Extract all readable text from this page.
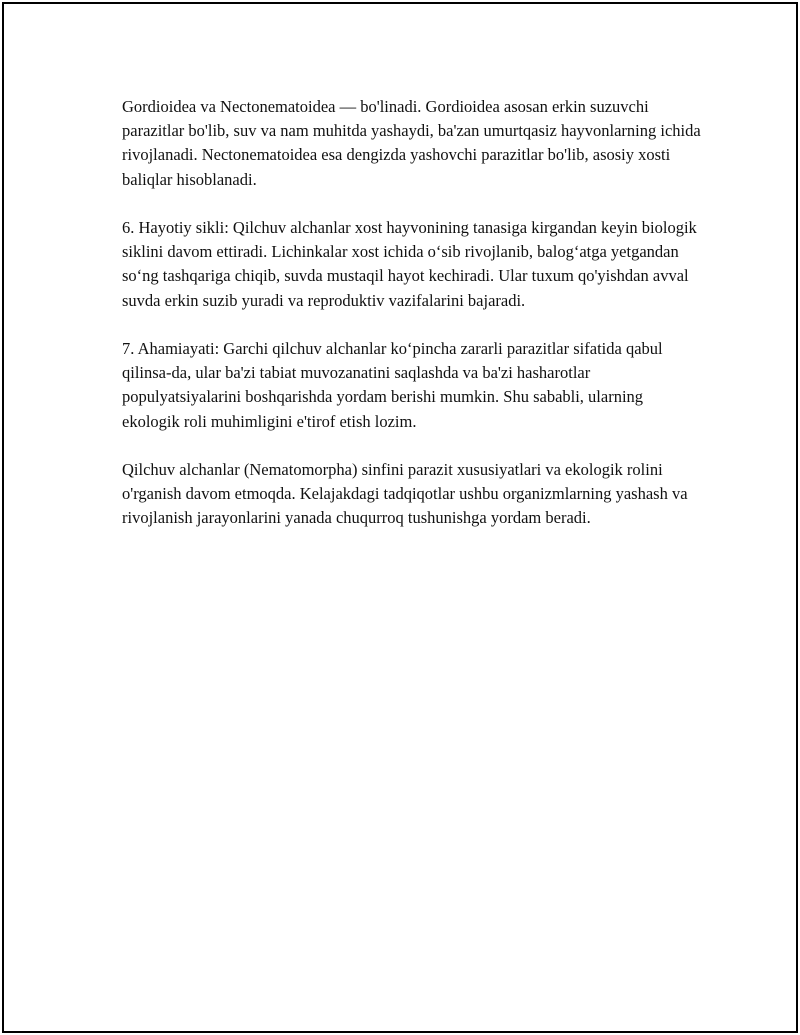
Gordioidea va Nectonematoidea — bo'linadi. Gordioidea asosan erkin suzuvchi parazitlar bo'lib, suv va nam muhitda yashaydi, ba'zan umurtqasiz hayvonlarning ichida rivojlanadi. Nectonematoidea esa dengizda yashovchi parazitlar bo'lib, asosiy xosti baliqlar hisoblanadi.

6. Hayotiy sikli: Qilchuv alchanlar xost hayvonining tanasiga kirgandan keyin biologik siklini davom ettiradi. Lichinkalar xost ichida oʻsib rivojlanib, balogʻatga yetgandan soʻng tashqariga chiqib, suvda mustaqil hayot kechiradi. Ular tuxum qo'yishdan avval suvda erkin suzib yuradi va reproduktiv vazifalarini bajaradi.

7. Ahamiayati: Garchi qilchuv alchanlar koʻpincha zararli parazitlar sifatida qabul qilinsa-da, ular ba'zi tabiat muvozanatini saqlashda va ba'zi hasharotlar populyatsiyalarini boshqarishda yordam berishi mumkin. Shu sababli, ularning ekologik roli muhimligini e'tirof etish lozim.

Qilchuv alchanlar (Nematomorpha) sinfini parazit xususiyatlari va ekologik rolini o'rganish davom etmoqda. Kelajakdagi tadqiqotlar ushbu organizmlarning yashash va rivojlanish jarayonlarini yanada chuqurroq tushunishga yordam beradi.
